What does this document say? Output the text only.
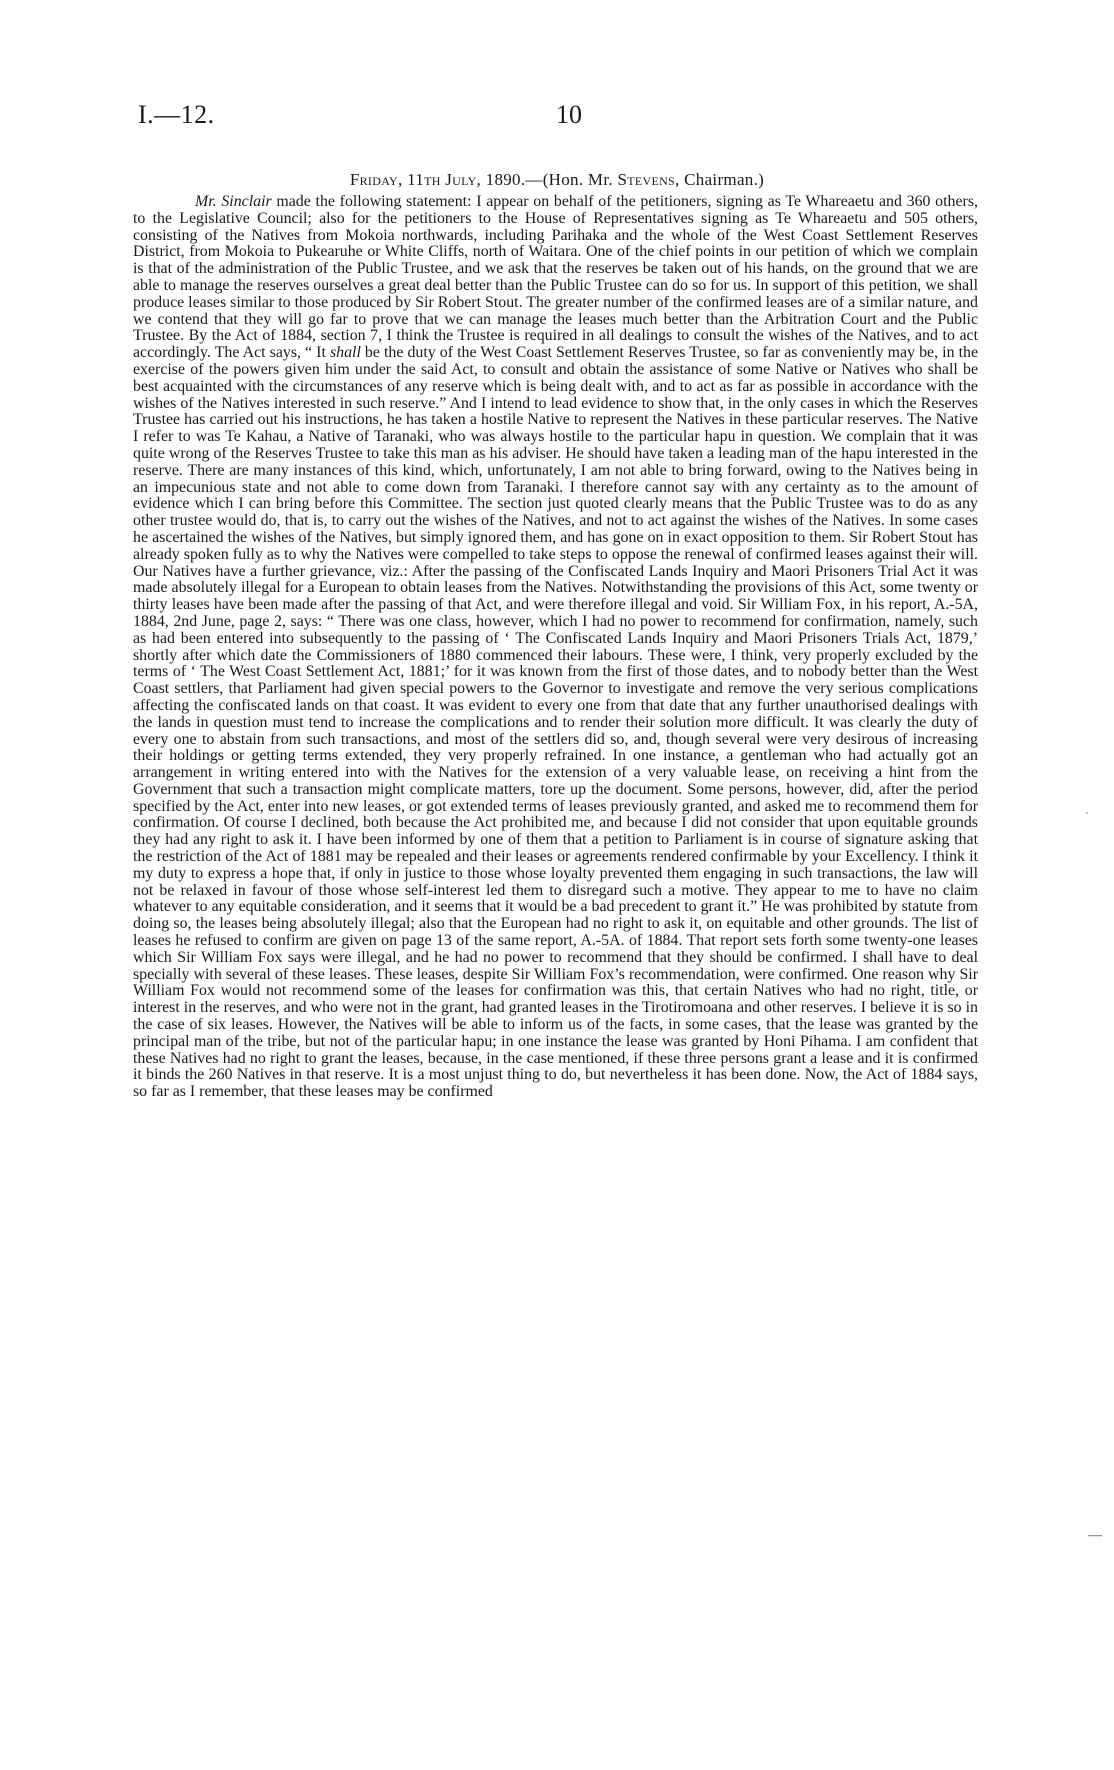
I.—12.	10
Friday, 11th July, 1890.—(Hon. Mr. Stevens, Chairman.)

Mr. Sinclair made the following statement: I appear on behalf of the petitioners, signing as Te Whareaetu and 360 others, to the Legislative Council; also for the petitioners to the House of Representatives signing as Te Whareaetu and 505 others, consisting of the Natives from Mokoia northwards, including Parihaka and the whole of the West Coast Settlement Reserves District, from Mokoia to Pukearuhe or White Cliffs, north of Waitara. One of the chief points in our petition of which we complain is that of the administration of the Public Trustee, and we ask that the reserves be taken out of his hands, on the ground that we are able to manage the reserves ourselves a great deal better than the Public Trustee can do so for us. In support of this petition, we shall produce leases similar to those produced by Sir Robert Stout. The greater number of the confirmed leases are of a similar nature, and we contend that they will go far to prove that we can manage the leases much better than the Arbitration Court and the Public Trustee. By the Act of 1884, section 7, I think the Trustee is required in all dealings to consult the wishes of the Natives, and to act accordingly. The Act says, “ It shall be the duty of the West Coast Settlement Reserves Trustee, so far as conveniently may be, in the exercise of the powers given him under the said Act, to consult and obtain the assistance of some Native or Natives who shall be best acquainted with the circumstances of any reserve which is being dealt with, and to act as far as possible in accordance with the wishes of the Natives interested in such reserve.” And I intend to lead evidence to show that, in the only cases in which the Reserves Trustee has carried out his instructions, he has taken a hostile Native to represent the Natives in these particular reserves. The Native I refer to was Te Kahau, a Native of Taranaki, who was always hostile to the particular hapu in question. We complain that it was quite wrong of the Reserves Trustee to take this man as his adviser. He should have taken a leading man of the hapu interested in the reserve. There are many instances of this kind, which, unfortunately, I am not able to bring forward, owing to the Natives being in an impecunious state and not able to come down from Taranaki. I therefore cannot say with any certainty as to the amount of evidence which I can bring before this Committee. The section just quoted clearly means that the Public Trustee was to do as any other trustee would do, that is, to carry out the wishes of the Natives, and not to act against the wishes of the Natives. In some cases he ascertained the wishes of the Natives, but simply ignored them, and has gone on in exact opposition to them. Sir Robert Stout has already spoken fully as to why the Natives were compelled to take steps to oppose the renewal of confirmed leases against their will. Our Natives have a further grievance, viz.: After the passing of the Confiscated Lands Inquiry and Maori Prisoners Trial Act it was made absolutely illegal for a European to obtain leases from the Natives. Notwithstanding the provisions of this Act, some twenty or thirty leases have been made after the passing of that Act, and were therefore illegal and void. Sir William Fox, in his report, A.-5A, 1884, 2nd June, page 2, says: “ There was one class, however, which I had no power to recommend for confirmation, namely, such as had been entered into subsequently to the passing of ‘ The Confiscated Lands Inquiry and Maori Prisoners Trials Act, 1879,’ shortly after which date the Commissioners of 1880 commenced their labours. These were, I think, very properly excluded by the terms of ‘ The West Coast Settlement Act, 1881;’ for it was known from the first of those dates, and to nobody better than the West Coast settlers, that Parliament had given special powers to the Governor to investigate and remove the very serious complications affecting the confiscated lands on that coast. It was evident to every one from that date that any further unauthorised dealings with the lands in question must tend to increase the complications and to render their solution more difficult. It was clearly the duty of every one to abstain from such transactions, and most of the settlers did so, and, though several were very desirous of increasing their holdings or getting terms extended, they very properly refrained. In one instance, a gentleman who had actually got an arrangement in writing entered into with the Natives for the extension of a very valuable lease, on receiving a hint from the Government that such a transaction might complicate matters, tore up the document. Some persons, however, did, after the period specified by the Act, enter into new leases, or got extended terms of leases previously granted, and asked me to recommend them for confirmation. Of course I declined, both because the Act prohibited me, and because I did not consider that upon equitable grounds they had any right to ask it. I have been informed by one of them that a petition to Parliament is in course of signature asking that the restriction of the Act of 1881 may be repealed and their leases or agreements rendered confirmable by your Excellency. I think it my duty to express a hope that, if only in justice to those whose loyalty prevented them engaging in such transactions, the law will not be relaxed in favour of those whose self-interest led them to disregard such a motive. They appear to me to have no claim whatever to any equitable consideration, and it seems that it would be a bad precedent to grant it.” He was prohibited by statute from doing so, the leases being absolutely illegal; also that the European had no right to ask it, on equitable and other grounds. The list of leases he refused to confirm are given on page 13 of the same report, A.-5A. of 1884. That report sets forth some twenty-one leases which Sir William Fox says were illegal, and he had no power to recommend that they should be confirmed. I shall have to deal specially with several of these leases. These leases, despite Sir William Fox’s recommendation, were confirmed. One reason why Sir William Fox would not recommend some of the leases for confirmation was this, that certain Natives who had no right, title, or interest in the reserves, and who were not in the grant, had granted leases in the Tirotiromoana and other reserves. I believe it is so in the case of six leases. However, the Natives will be able to inform us of the facts, in some cases, that the lease was granted by the principal man of the tribe, but not of the particular hapu; in one instance the lease was granted by Honi Pihama. I am confident that these Natives had no right to grant the leases, because, in the case mentioned, if these three persons grant a lease and it is confirmed it binds the 260 Natives in that reserve. It is a most unjust thing to do, but nevertheless it has been done. Now, the Act of 1884 says, so far as I remember, that these leases may be confirmed

ˑ
—
